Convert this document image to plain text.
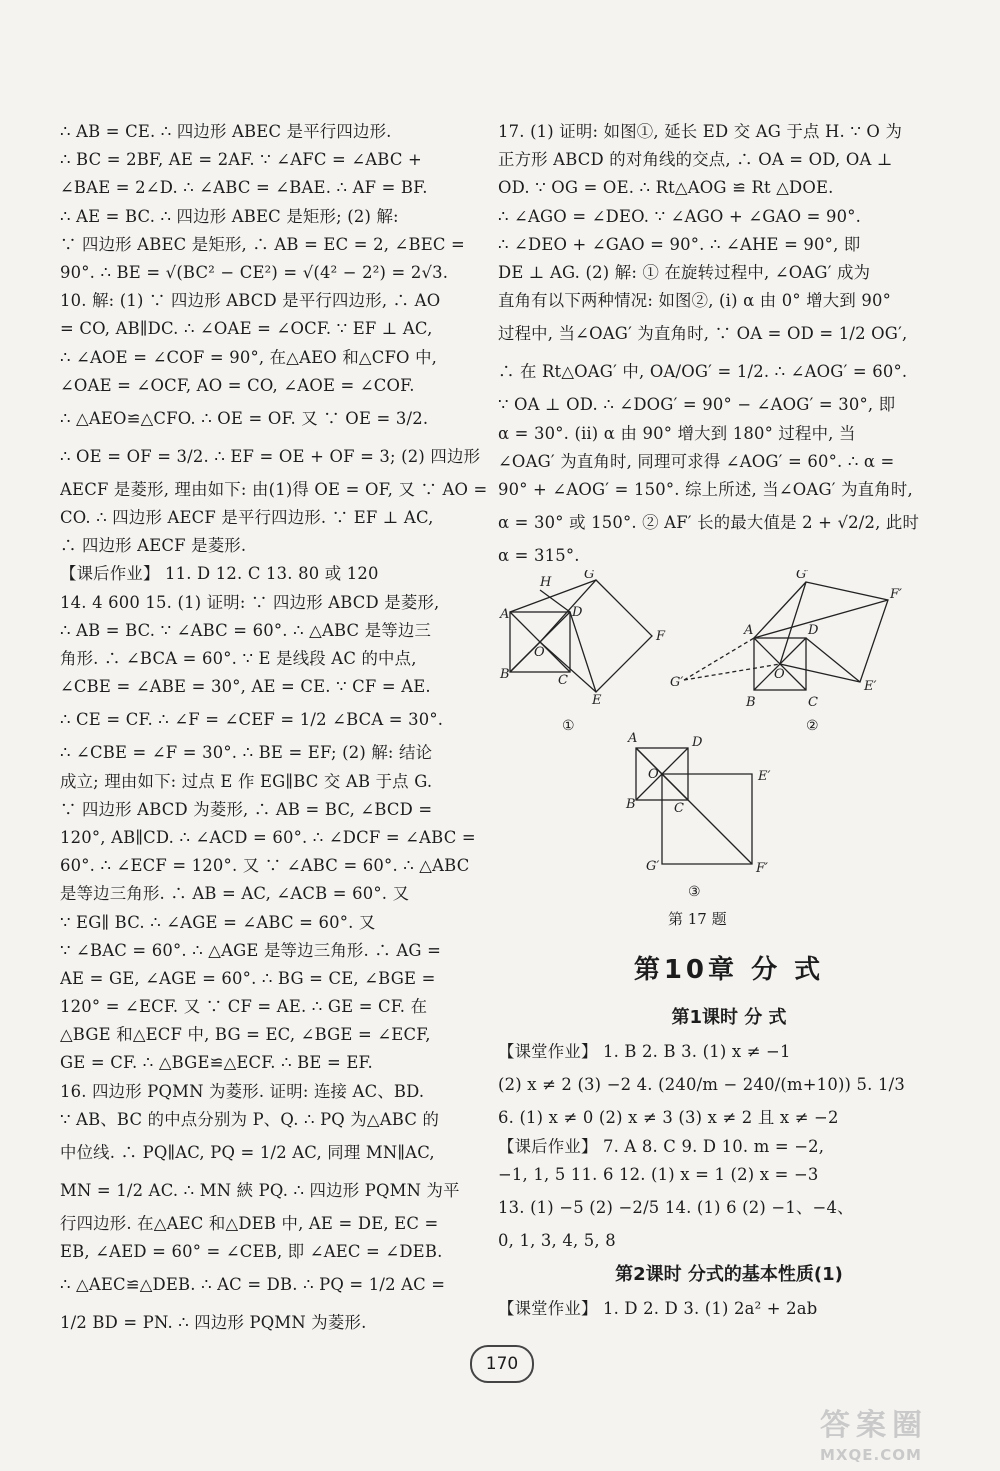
∴ AB = CE. ∴ 四边形 ABEC 是平行四边形.
∴ BC = 2BF, AE = 2AF. ∵ ∠AFC = ∠ABC +
∠BAE = 2∠D. ∴ ∠ABC = ∠BAE. ∴ AF = BF.
∴ AE = BC. ∴ 四边形 ABEC 是矩形; (2) 解:
∵ 四边形 ABEC 是矩形, ∴ AB = EC = 2, ∠BEC =
90°. ∴ BE = √(BC² − CE²) = √(4² − 2²) = 2√3.
10. 解: (1) ∵ 四边形 ABCD 是平行四边形, ∴ AO
= CO, AB∥DC. ∴ ∠OAE = ∠OCF. ∵ EF ⊥ AC,
∴ ∠AOE = ∠COF = 90°, 在△AEO 和△CFO 中,
∠OAE = ∠OCF, AO = CO, ∠AOE = ∠COF.
∴ △AEO≌△CFO. ∴ OE = OF. 又 ∵ OE = 3/2.
∴ OE = OF = 3/2. ∴ EF = OE + OF = 3; (2) 四边形
AECF 是菱形, 理由如下: 由(1)得 OE = OF, 又 ∵ AO =
CO. ∴ 四边形 AECF 是平行四边形. ∵ EF ⊥ AC,
∴ 四边形 AECF 是菱形.
【课后作业】 11. D 12. C 13. 80 或 120
14. 4 600 15. (1) 证明: ∵ 四边形 ABCD 是菱形,
∴ AB = BC. ∵ ∠ABC = 60°. ∴ △ABC 是等边三
角形. ∴ ∠BCA = 60°. ∵ E 是线段 AC 的中点,
∠CBE = ∠ABE = 30°, AE = CE. ∵ CF = AE.
∴ CE = CF. ∴ ∠F = ∠CEF = 1/2 ∠BCA = 30°.
∴ ∠CBE = ∠F = 30°. ∴ BE = EF; (2) 解: 结论
成立; 理由如下: 过点 E 作 EG∥BC 交 AB 于点 G.
∵ 四边形 ABCD 为菱形, ∴ AB = BC, ∠BCD =
120°, AB∥CD. ∴ ∠ACD = 60°. ∴ ∠DCF = ∠ABC =
60°. ∴ ∠ECF = 120°. 又 ∵ ∠ABC = 60°. ∴ △ABC
是等边三角形. ∴ AB = AC, ∠ACB = 60°. 又
∵ EG∥ BC. ∴ ∠AGE = ∠ABC = 60°. 又
∵ ∠BAC = 60°. ∴ △AGE 是等边三角形. ∴ AG =
AE = GE, ∠AGE = 60°. ∴ BG = CE, ∠BGE =
120° = ∠ECF. 又 ∵ CF = AE. ∴ GE = CF. 在
△BGE 和△ECF 中, BG = EC, ∠BGE = ∠ECF,
GE = CF. ∴ △BGE≌△ECF. ∴ BE = EF.
16. 四边形 PQMN 为菱形. 证明: 连接 AC、BD.
∵ AB、BC 的中点分别为 P、Q. ∴ PQ 为△ABC 的
中位线. ∴ PQ∥AC, PQ = 1/2 AC, 同理 MN∥AC,
MN = 1/2 AC. ∴ MN 綊 PQ. ∴ 四边形 PQMN 为平
行四边形. 在△AEC 和△DEB 中, AE = DE, EC =
EB, ∠AED = 60° = ∠CEB, 即 ∠AEC = ∠DEB.
∴ △AEC≌△DEB. ∴ AC = DB. ∴ PQ = 1/2 AC =
1/2 BD = PN. ∴ 四边形 PQMN 为菱形.
17. (1) 证明: 如图①, 延长 ED 交 AG 于点 H. ∵ O 为
正方形 ABCD 的对角线的交点, ∴ OA = OD, OA ⊥
OD. ∵ OG = OE. ∴ Rt△AOG ≌ Rt △DOE.
∴ ∠AGO = ∠DEO. ∵ ∠AGO + ∠GAO = 90°.
∴ ∠DEO + ∠GAO = 90°. ∴ ∠AHE = 90°, 即
DE ⊥ AG. (2) 解: ① 在旋转过程中, ∠OAG′ 成为
直角有以下两种情况: 如图②, (ⅰ) α 由 0° 增大到 90°
过程中, 当∠OAG′ 为直角时, ∵ OA = OD = 1/2 OG′,
∴ 在 Rt△OAG′ 中, OA/OG′ = 1/2. ∴ ∠AOG′ = 60°.
∵ OA ⊥ OD. ∴ ∠DOG′ = 90° − ∠AOG′ = 30°, 即
α = 30°. (ⅱ) α 由 90° 增大到 180° 过程中, 当
∠OAG′ 为直角时, 同理可求得 ∠AOG′ = 60°. ∴ α =
90° + ∠AOG′ = 150°. 综上所述, 当∠OAG′ 为直角时,
α = 30° 或 150°. ② AF′ 长的最大值是 2 + √2/2, 此时
α = 315°.
G
H
A	D
O
F
B	C
E
G′
F′
A	D
O
E′
G′
B	C
A	D
O	E′
B	C
G′	F′
①	②
③
第 17 题
第10章 分 式
第1课时 分 式
【课堂作业】 1. B 2. B 3. (1) x ≠ −1
(2) x ≠ 2 (3) −2 4. (240/m − 240/(m+10)) 5. 1/3
6. (1) x ≠ 0 (2) x ≠ 3 (3) x ≠ 2 且 x ≠ −2
【课后作业】 7. A 8. C 9. D 10. m = −2,
−1, 1, 5 11. 6 12. (1) x = 1 (2) x = −3
13. (1) −5 (2) −2/5 14. (1) 6 (2) −1、−4、
0, 1, 3, 4, 5, 8
第2课时 分式的基本性质(1)
【课堂作业】 1. D 2. D 3. (1) 2a² + 2ab
170
答案圈
MXQE.COM
